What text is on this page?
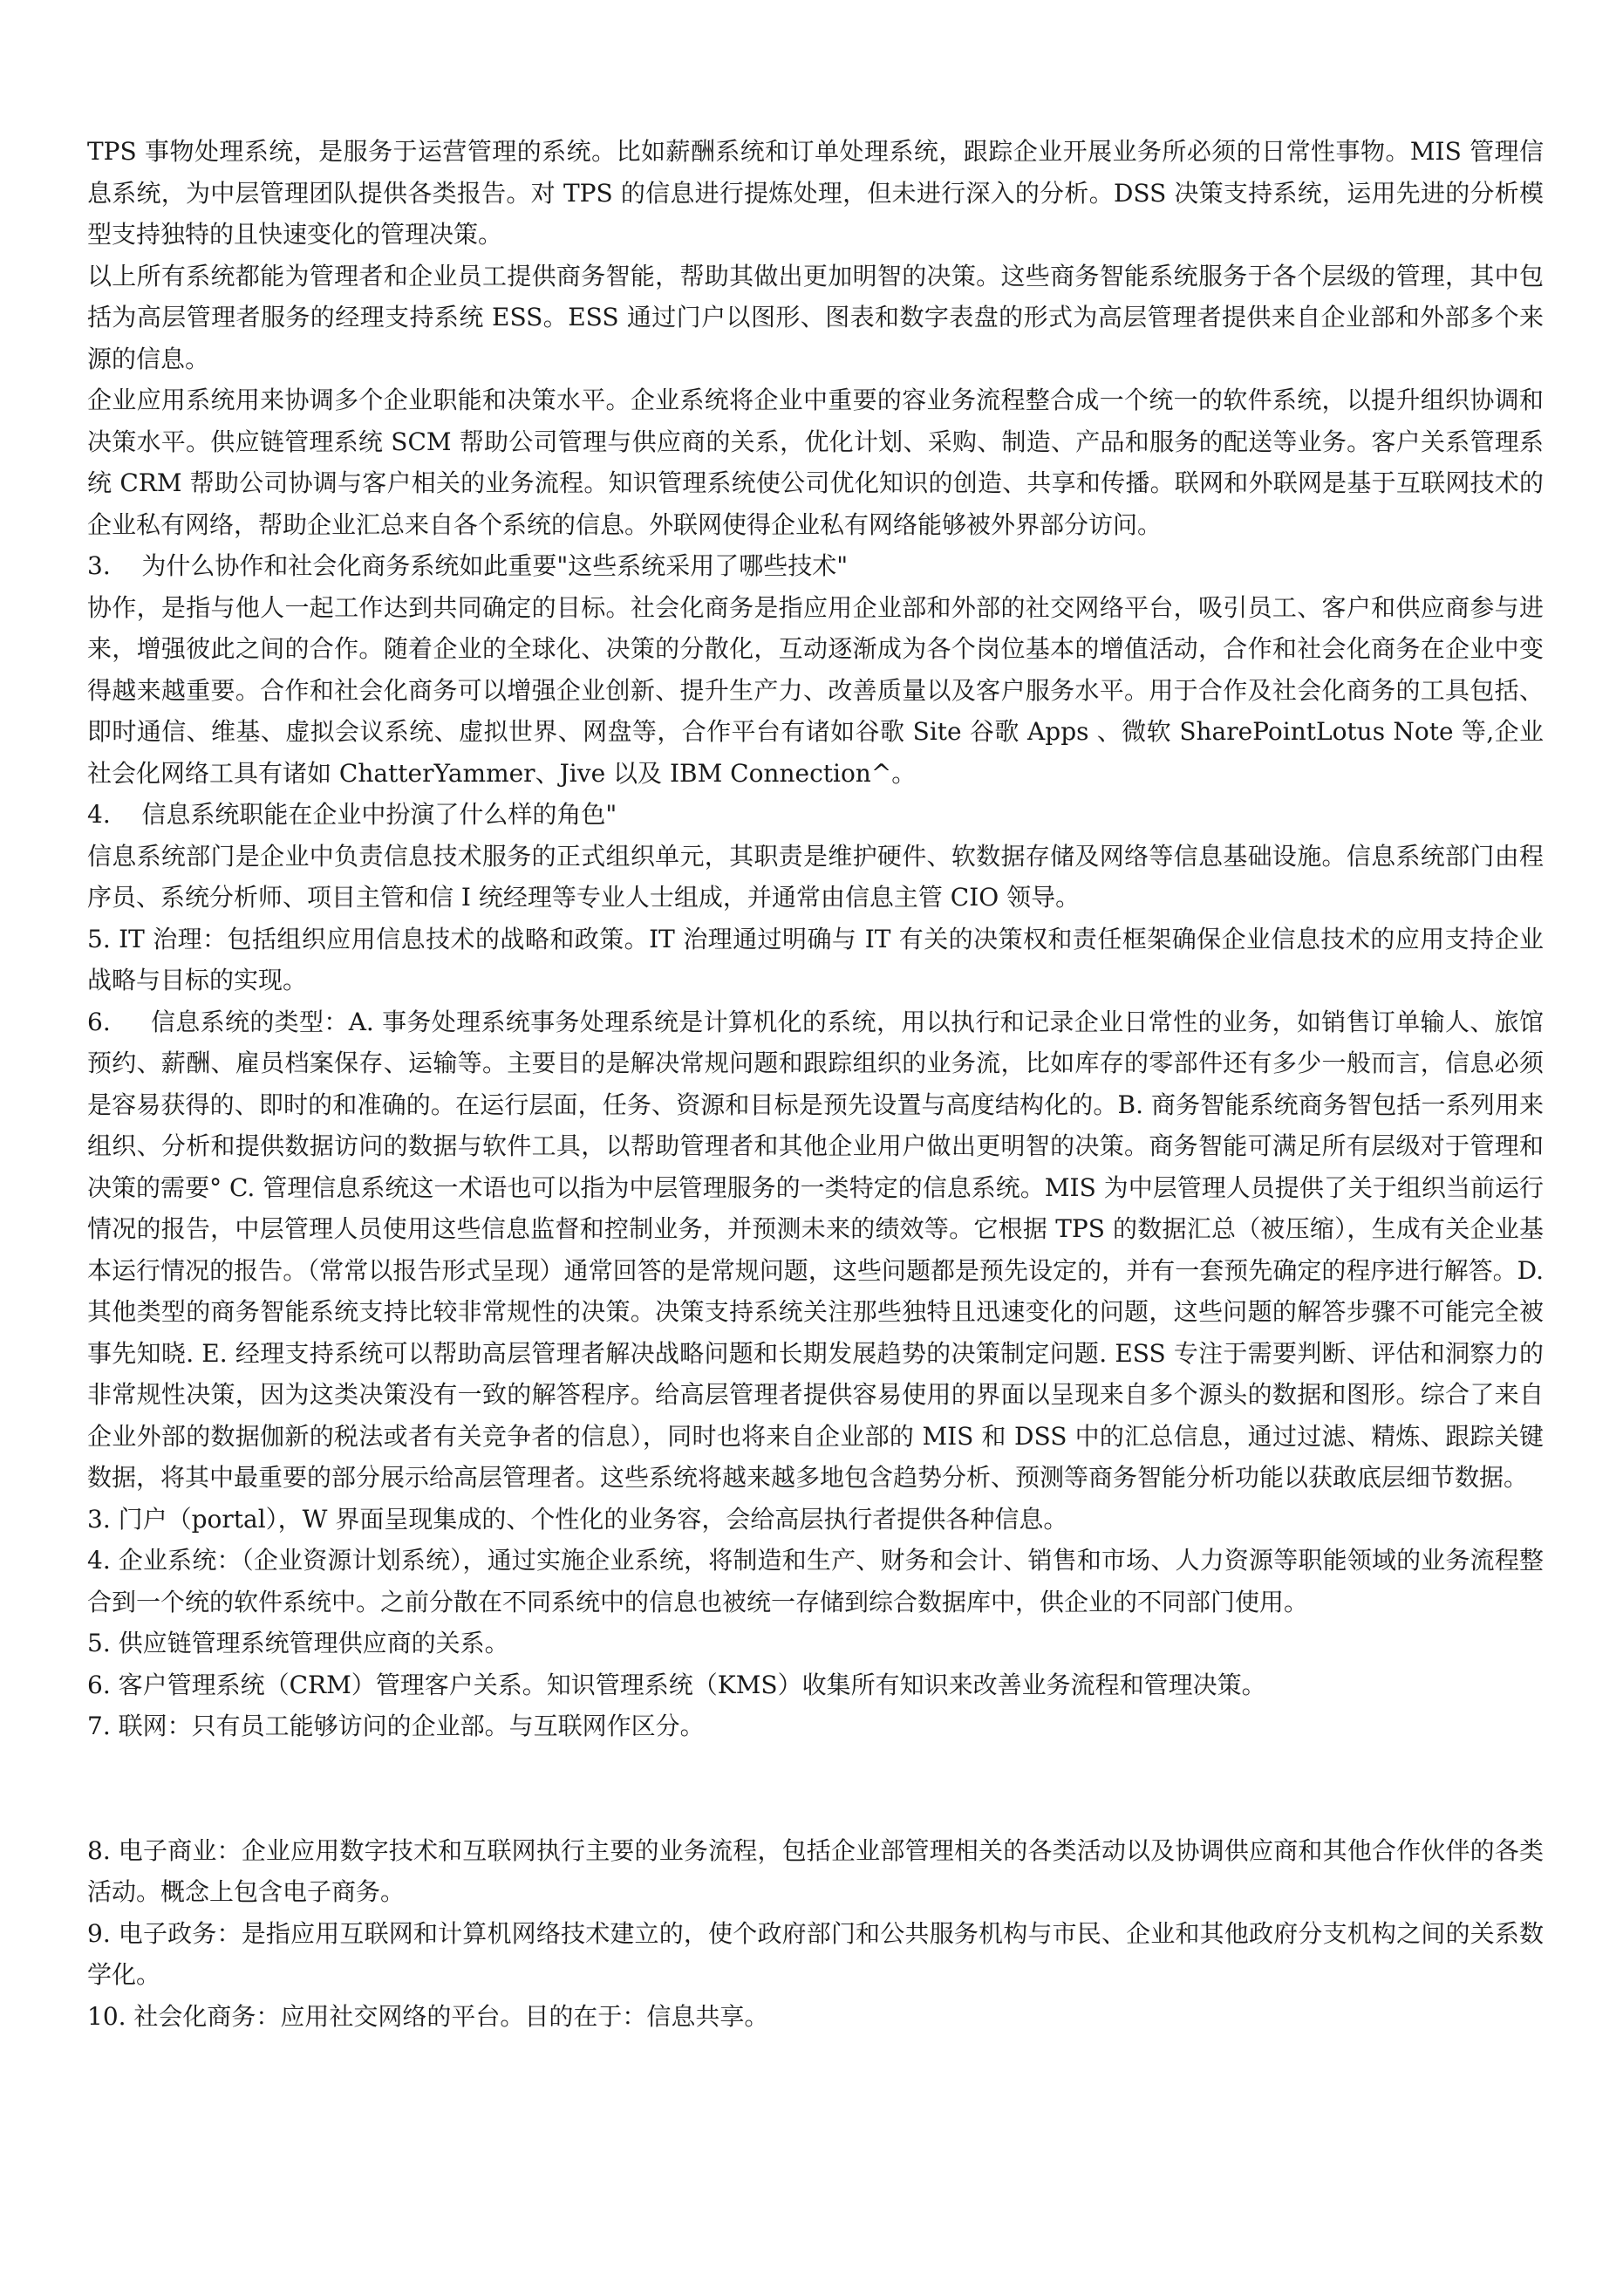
TPS 事物处理系统，是服务于运营管理的系统。比如薪酬系统和订单处理系统，跟踪企业开展业务所必须的日常性事物。MIS 管理信息系统，为中层管理团队提供各类报告。对 TPS 的信息进行提炼处理，但未进行深入的分析。DSS 决策支持系统，运用先进的分析模型支持独特的且快速变化的管理决策。

以上所有系统都能为管理者和企业员工提供商务智能，帮助其做出更加明智的决策。这些商务智能系统服务于各个层级的管理，其中包括为高层管理者服务的经理支持系统 ESS。ESS 通过门户以图形、图表和数字表盘的形式为高层管理者提供来自企业部和外部多个来源的信息。

企业应用系统用来协调多个企业职能和决策水平。企业系统将企业中重要的容业务流程整合成一个统一的软件系统，以提升组织协调和决策水平。供应链管理系统 SCM 帮助公司管理与供应商的关系，优化计划、采购、制造、产品和服务的配送等业务。客户关系管理系统 CRM 帮助公司协调与客户相关的业务流程。知识管理系统使公司优化知识的创造、共享和传播。联网和外联网是基于互联网技术的企业私有网络，帮助企业汇总来自各个系统的信息。外联网使得企业私有网络能够被外界部分访问。

3.    为什么协作和社会化商务系统如此重要"这些系统采用了哪些技术"

协作，是指与他人一起工作达到共同确定的目标。社会化商务是指应用企业部和外部的社交网络平台，吸引员工、客户和供应商参与进来，增强彼此之间的合作。随着企业的全球化、决策的分散化，互动逐渐成为各个岗位基本的增值活动，合作和社会化商务在企业中变得越来越重要。合作和社会化商务可以增强企业创新、提升生产力、改善质量以及客户服务水平。用于合作及社会化商务的工具包括、即时通信、维基、虚拟会议系统、虚拟世界、网盘等，合作平台有诸如谷歌 Site 谷歌 Apps 、微软 SharePointLotus Note 等,企业社会化网络工具有诸如 ChatterYammer、Jive 以及 IBM Connection^。

4.    信息系统职能在企业中扮演了什么样的角色"

信息系统部门是企业中负责信息技术服务的正式组织单元，其职责是维护硬件、软数据存储及网络等信息基础设施。信息系统部门由程序员、系统分析师、项目主管和信 I 统经理等专业人士组成，并通常由信息主管 CIO 领导。

5. IT 治理：包括组织应用信息技术的战略和政策。IT 治理通过明确与 IT 有关的决策权和责任框架确保企业信息技术的应用支持企业战略与目标的实现。

6.     信息系统的类型：A. 事务处理系统事务处理系统是计算机化的系统，用以执行和记录企业日常性的业务，如销售订单输人、旅馆预约、薪酬、雇员档案保存、运输等。主要目的是解决常规问题和跟踪组织的业务流，比如库存的零部件还有多少一般而言，信息必须是容易获得的、即时的和准确的。在运行层面，任务、资源和目标是预先设置与高度结构化的。B. 商务智能系统商务智包括一系列用来组织、分析和提供数据访问的数据与软件工具，以帮助管理者和其他企业用户做出更明智的决策。商务智能可满足所有层级对于管理和决策的需要° C. 管理信息系统这一术语也可以指为中层管理服务的一类特定的信息系统。MIS 为中层管理人员提供了关于组织当前运行情况的报告，中层管理人员使用这些信息监督和控制业务，并预测未来的绩效等。它根据 TPS 的数据汇总（被压缩），生成有关企业基本运行情况的报告。（常常以报告形式呈现）通常回答的是常规问题，这些问题都是预先设定的，并有一套预先确定的程序进行解答。D. 其他类型的商务智能系统支持比较非常规性的决策。决策支持系统关注那些独特且迅速变化的问题，这些问题的解答步骤不可能完全被事先知晓. E. 经理支持系统可以帮助高层管理者解决战略问题和长期发展趋势的决策制定问题. ESS 专注于需要判断、评估和洞察力的非常规性决策，因为这类决策没有一致的解答程序。给高层管理者提供容易使用的界面以呈现来自多个源头的数据和图形。综合了来自企业外部的数据伽新的税法或者有关竞争者的信息），同时也将来自企业部的 MIS 和 DSS 中的汇总信息，通过过滤、精炼、跟踪关键数据，将其中最重要的部分展示给高层管理者。这些系统将越来越多地包含趋势分析、预测等商务智能分析功能以获敢底层细节数据。

3. 门户（portal），W 界面呈现集成的、个性化的业务容，会给高层执行者提供各种信息。

4. 企业系统：（企业资源计划系统），通过实施企业系统，将制造和生产、财务和会计、销售和市场、人力资源等职能领域的业务流程整合到一个统的软件系统中。之前分散在不同系统中的信息也被统一存储到综合数据库中，供企业的不同部门使用。

5. 供应链管理系统管理供应商的关系。

6. 客户管理系统（CRM）管理客户关系。知识管理系统（KMS）收集所有知识来改善业务流程和管理决策。

7. 联网：只有员工能够访问的企业部。与互联网作区分。

8. 电子商业：企业应用数字技术和互联网执行主要的业务流程，包括企业部管理相关的各类活动以及协调供应商和其他合作伙伴的各类活动。概念上包含电子商务。

9. 电子政务：是指应用互联网和计算机网络技术建立的，使个政府部门和公共服务机构与市民、企业和其他政府分支机构之间的关系数学化。

10. 社会化商务：应用社交网络的平台。目的在于：信息共享。
